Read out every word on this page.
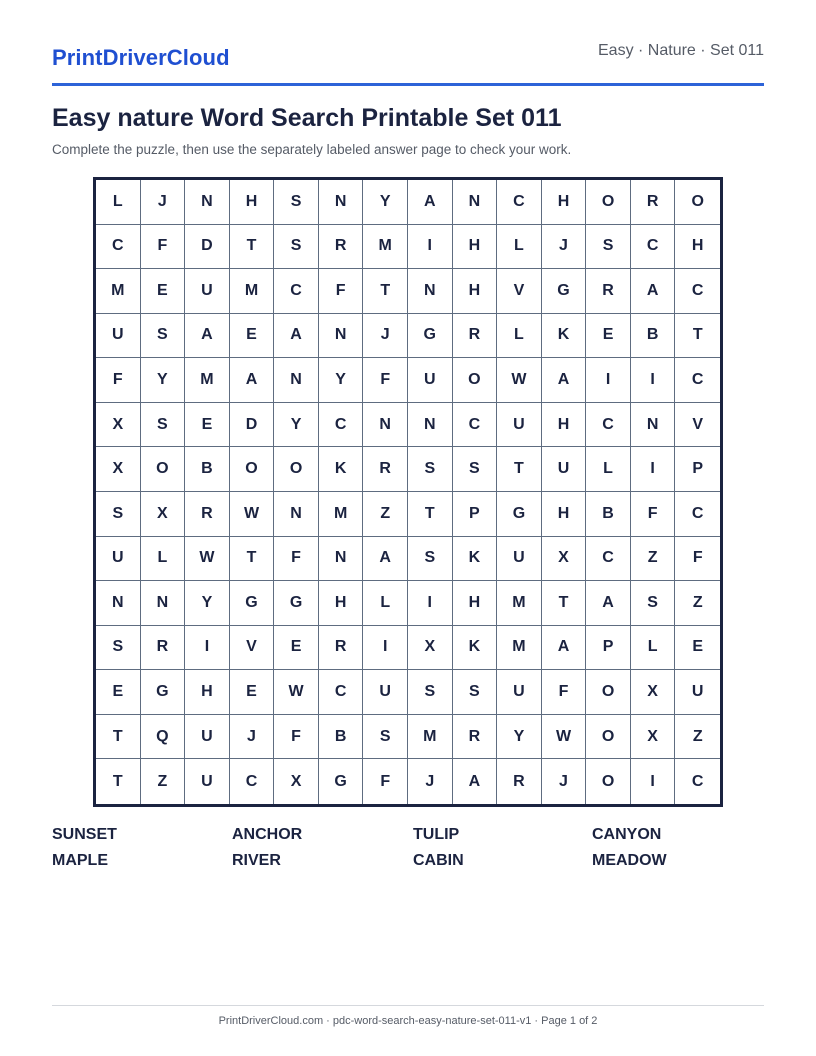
PrintDriverCloud	Easy · Nature · Set 011
Easy nature Word Search Printable Set 011

Complete the puzzle, then use the separately labeled answer page to check your work.

L	J	N	H	S	N	Y	A	N	C	H	O	R	O
C	F	D	T	S	R	M	I	H	L	J	S	C	H
M	E	U	M	C	F	T	N	H	V	G	R	A	C
U	S	A	E	A	N	J	G	R	L	K	E	B	T
F	Y	M	A	N	Y	F	U	O	W	A	I	I	C
X	S	E	D	Y	C	N	N	C	U	H	C	N	V
X	O	B	O	O	K	R	S	S	T	U	L	I	P
S	X	R	W	N	M	Z	T	P	G	H	B	F	C
U	L	W	T	F	N	A	S	K	U	X	C	Z	F
N	N	Y	G	G	H	L	I	H	M	T	A	S	Z
S	R	I	V	E	R	I	X	K	M	A	P	L	E
E	G	H	E	W	C	U	S	S	U	F	O	X	U
T	Q	U	J	F	B	S	M	R	Y	W	O	X	Z
T	Z	U	C	X	G	F	J	A	R	J	O	I	C
SUNSET	ANCHOR	TULIP	CANYON
MAPLE	RIVER	CABIN	MEADOW
PrintDriverCloud.com · pdc-word-search-easy-nature-set-011-v1 · Page 1 of 2
